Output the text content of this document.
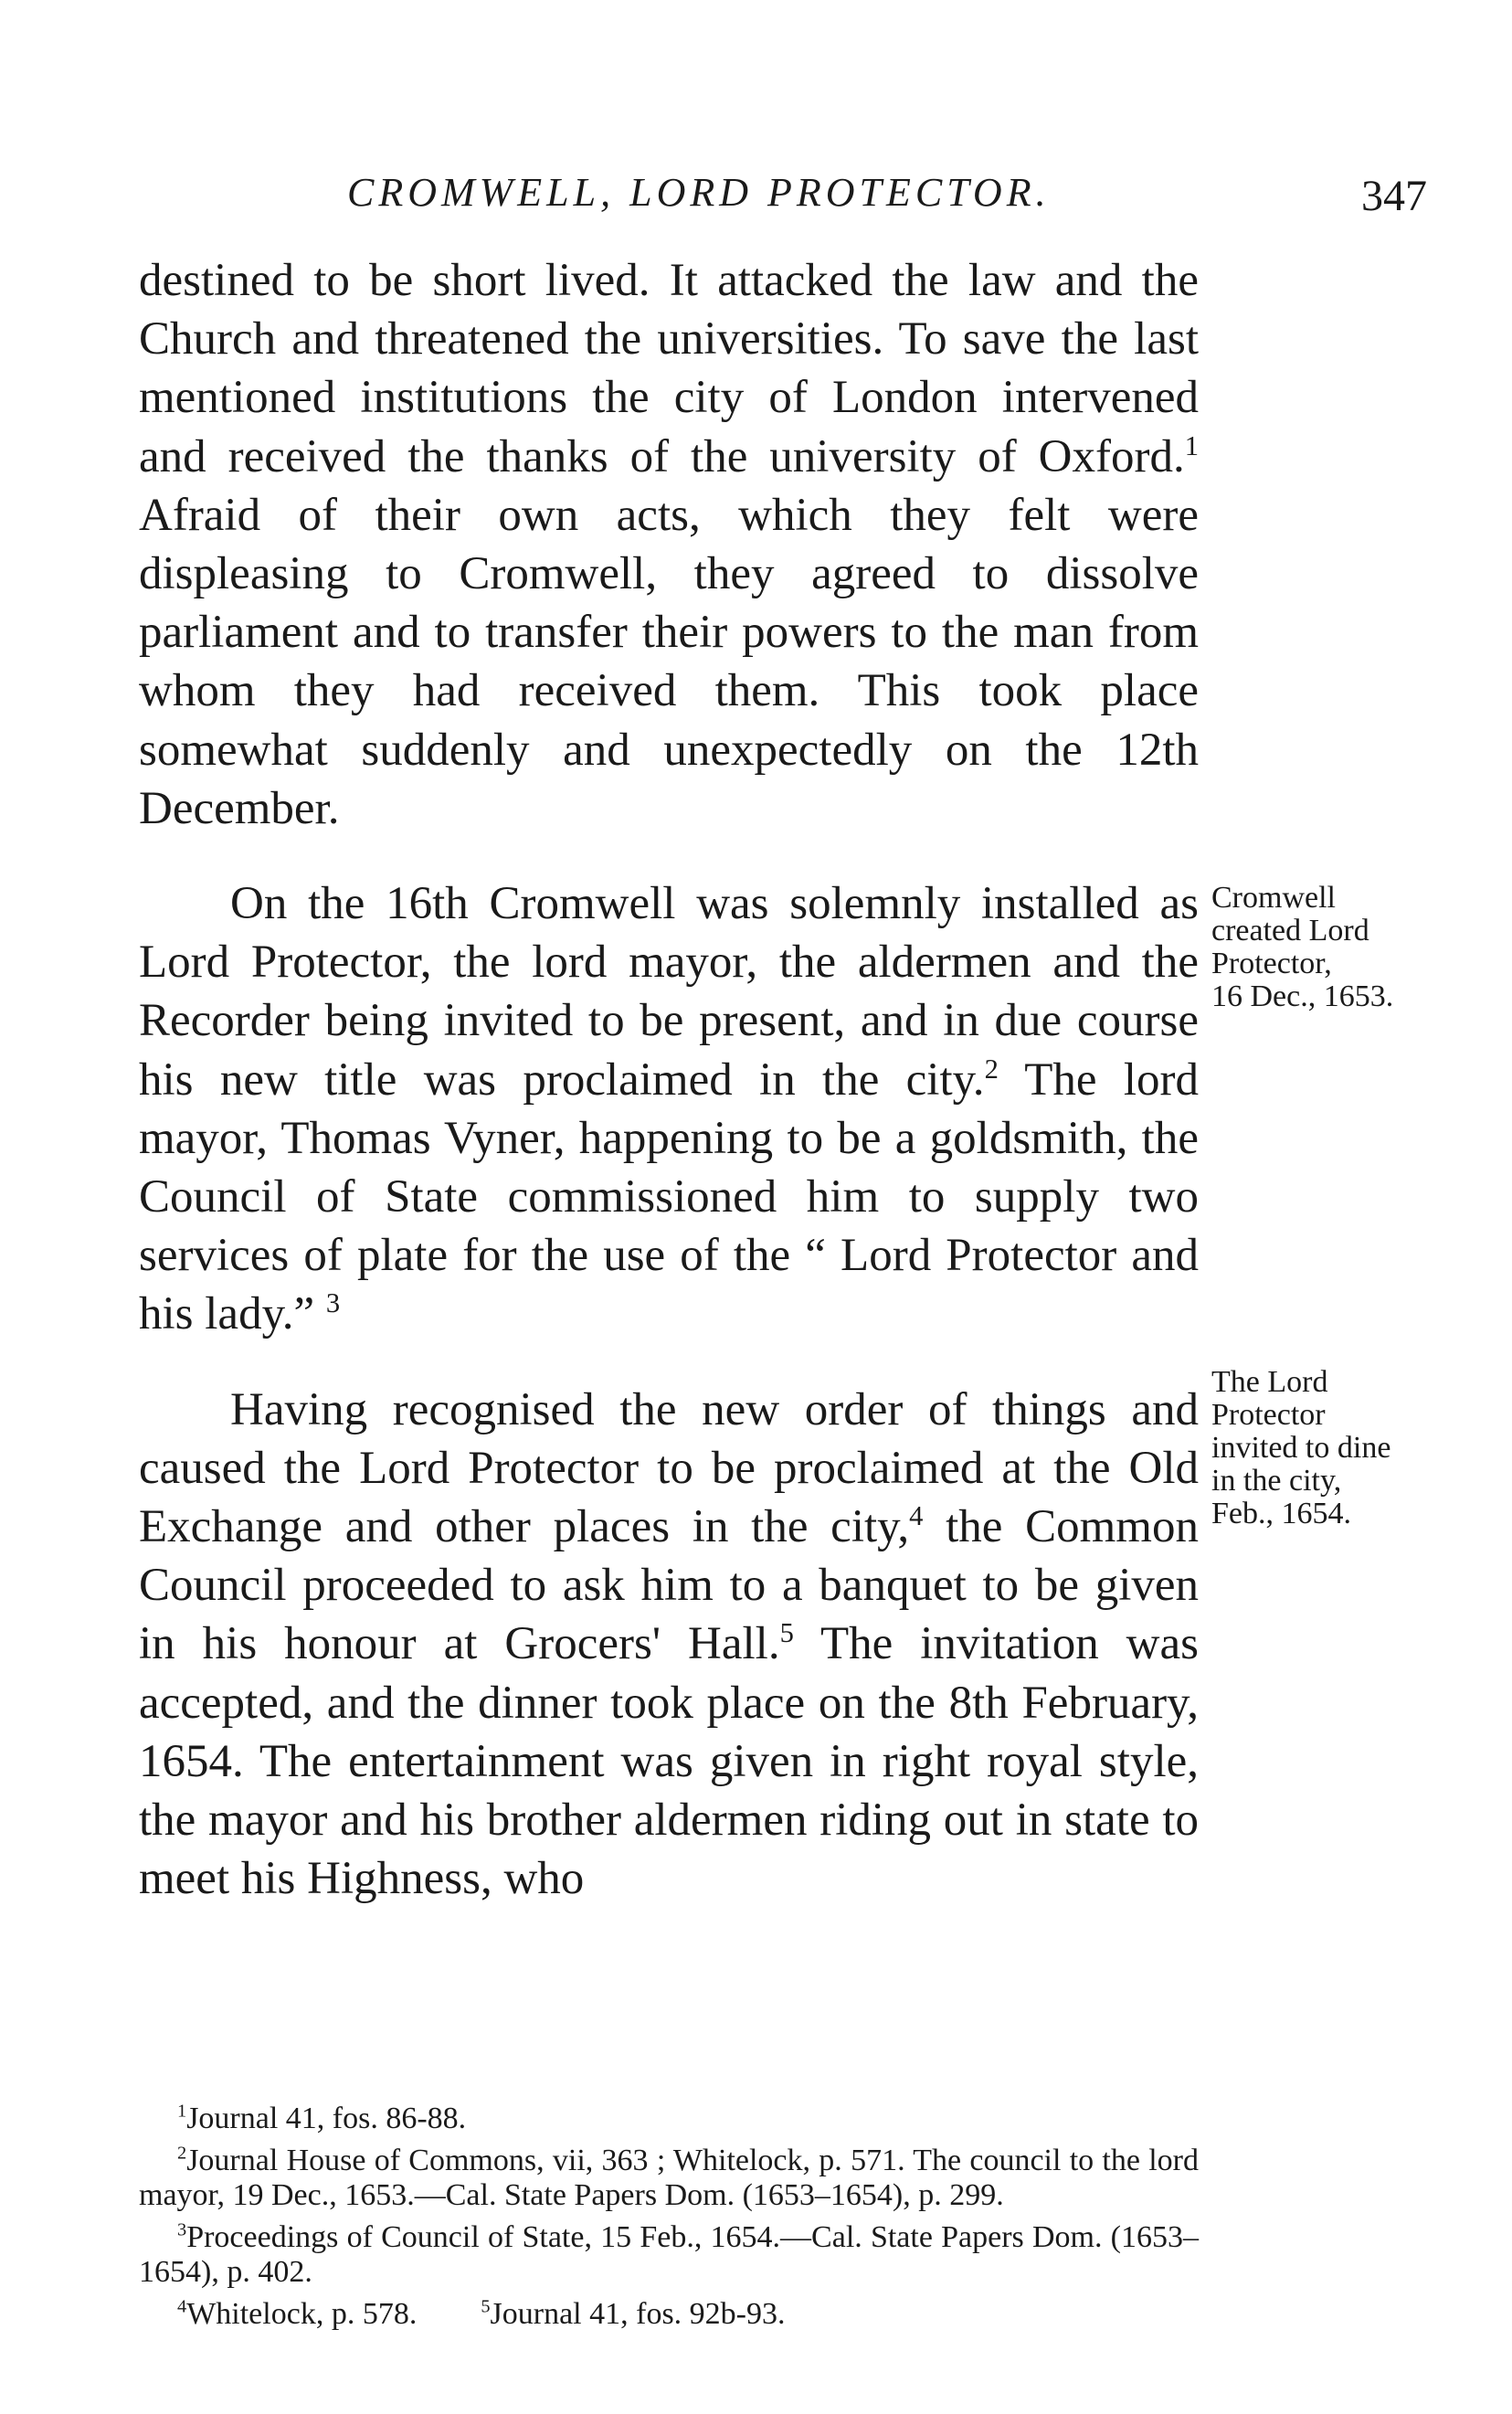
CROMWELL, LORD PROTECTOR.	347

destined to be short lived. It attacked the law and the Church and threatened the universities. To save the last mentioned institutions the city of London intervened and received the thanks of the university of Oxford.$^1$ Afraid of their own acts, which they felt were displeasing to Cromwell, they agreed to dissolve parliament and to transfer their powers to the man from whom they had received them. This took place somewhat suddenly and unexpectedly on the 12th December.

On the 16th Cromwell was solemnly installed as Lord Protector, the lord mayor, the aldermen and the Recorder being invited to be present, and in due course his new title was proclaimed in the city.$^2$ The lord mayor, Thomas Vyner, happening to be a goldsmith, the Council of State commissioned him to supply two services of plate for the use of the “ Lord Protector and his lady.” $^3$

Having recognised the new order of things and caused the Lord Protector to be proclaimed at the Old Exchange and other places in the city,$^4$ the Common Council proceeded to ask him to a banquet to be given in his honour at Grocers' Hall.$^5$ The invitation was accepted, and the dinner took place on the 8th February, 1654. The entertainment was given in right royal style, the mayor and his brother aldermen riding out in state to meet his Highness, who

Cromwell
created Lord
Protector,
16 Dec., 1653.
The Lord
Protector
invited to dine
in the city,
Feb., 1654.

$^1$Journal 41, fos. 86-88.

$^2$Journal House of Commons, vii, 363 ; Whitelock, p. 571. The council to the lord mayor, 19 Dec., 1653.—Cal. State Papers Dom. (1653–1654), p. 299.

$^3$Proceedings of Council of State, 15 Feb., 1654.—Cal. State Papers Dom. (1653–1654), p. 402.

$^4$Whitelock, p. 578.	$^5$Journal 41, fos. 92b-93.
